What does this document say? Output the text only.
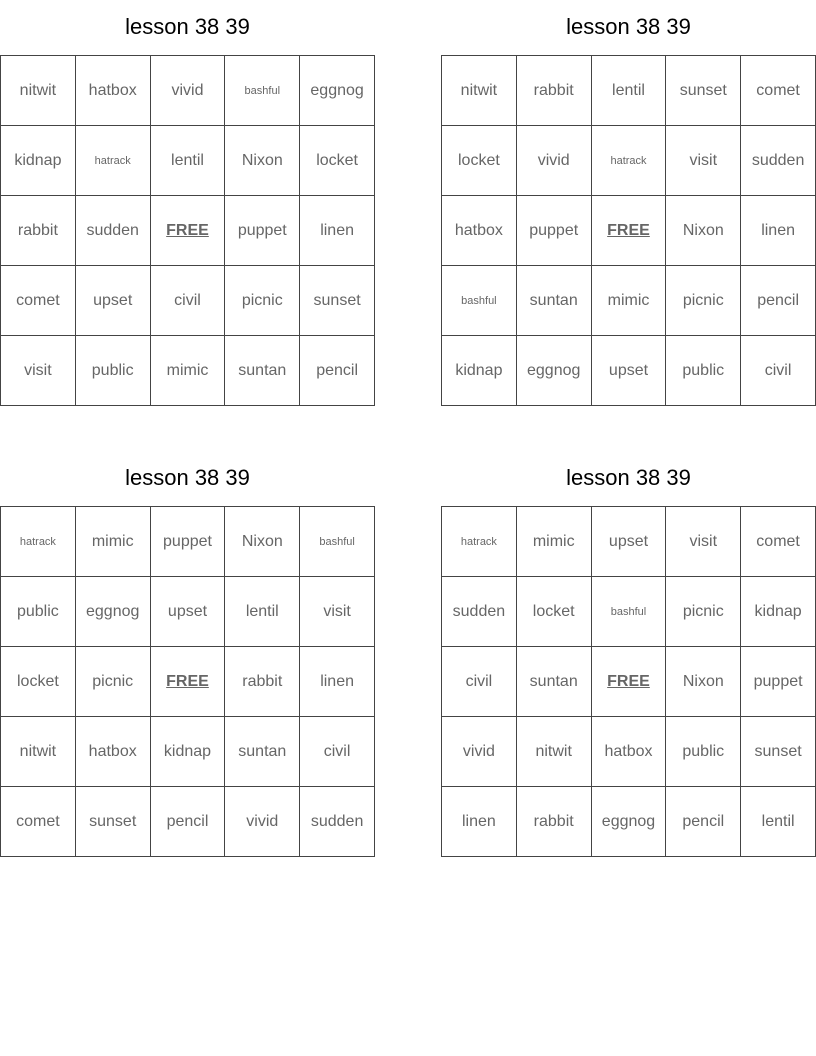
lesson 38 39
nitwit	hatbox	vivid	bashful	eggnog
kidnap	hatrack	lentil	Nixon	locket
rabbit	sudden	FREE	puppet	linen
comet	upset	civil	picnic	sunset
visit	public	mimic	suntan	pencil
lesson 38 39
nitwit	rabbit	lentil	sunset	comet
locket	vivid	hatrack	visit	sudden
hatbox	puppet	FREE	Nixon	linen
bashful	suntan	mimic	picnic	pencil
kidnap	eggnog	upset	public	civil
lesson 38 39
hatrack	mimic	puppet	Nixon	bashful
public	eggnog	upset	lentil	visit
locket	picnic	FREE	rabbit	linen
nitwit	hatbox	kidnap	suntan	civil
comet	sunset	pencil	vivid	sudden
lesson 38 39
hatrack	mimic	upset	visit	comet
sudden	locket	bashful	picnic	kidnap
civil	suntan	FREE	Nixon	puppet
vivid	nitwit	hatbox	public	sunset
linen	rabbit	eggnog	pencil	lentil
